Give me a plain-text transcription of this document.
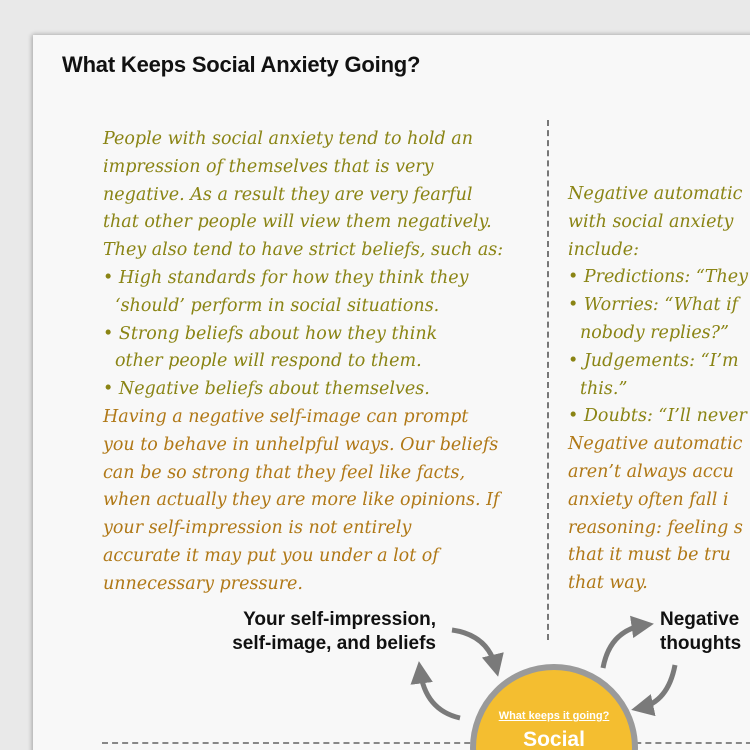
What Keeps Social Anxiety Going?
People with social anxiety tend to hold an
impression of themselves that is very
negative. As a result they are very fearful
that other people will view them negatively.
They also tend to have strict beliefs, such as:
• High standards for how they think they
‘should’ perform in social situations.
• Strong beliefs about how they think
other people will respond to them.
• Negative beliefs about themselves.
Having a negative self-image can prompt
you to behave in unhelpful ways. Our beliefs
can be so strong that they feel like facts,
when actually they are more like opinions. If
your self-impression is not entirely
accurate it may put you under a lot of
unnecessary pressure.
Negative automatic
with social anxiety
include:
• Predictions: “They
• Worries: “What if
nobody replies?”
• Judgements: “I’m
this.”
• Doubts: “I’ll never
Negative automatic
aren’t always accu
anxiety often fall i
reasoning: feeling s
that it must be tru
that way.
Your self-impression,
self-image, and beliefs
Negative
thoughts
What keeps it going?
Social
